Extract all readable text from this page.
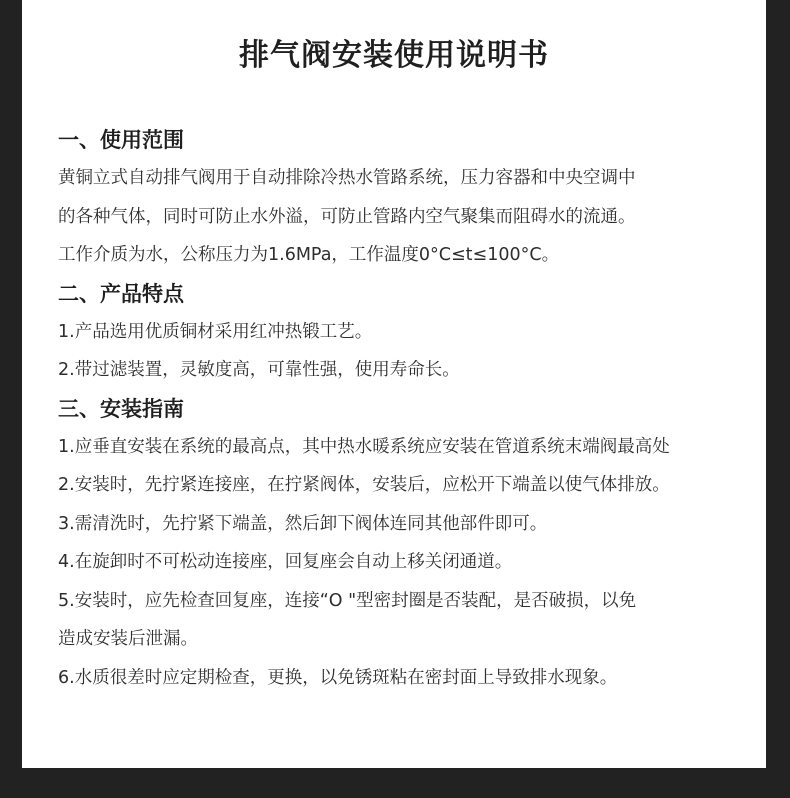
排气阀安装使用说明书
一、使用范围

黄铜立式自动排气阀用于自动排除冷热水管路系统，压力容器和中央空调中

的各种气体，同时可防止水外溢，可防止管路内空气聚集而阻碍水的流通。

工作介质为水，公称压力为1.6MPa，工作温度0°C≤t≤100°C。

二、产品特点

1.产品选用优质铜材采用红冲热锻工艺。

2.带过滤装置，灵敏度高，可靠性强，使用寿命长。

三、安装指南

1.应垂直安装在系统的最高点，其中热水暖系统应安装在管道系统末端阀最高处

2.安装时，先拧紧连接座，在拧紧阀体，安装后，应松开下端盖以使气体排放。

3.需清洗时，先拧紧下端盖，然后卸下阀体连同其他部件即可。

4.在旋卸时不可松动连接座，回复座会自动上移关闭通道。

5.安装时，应先检查回复座，连接“O "型密封圈是否装配，是否破损，以免

造成安装后泄漏。

6.水质很差时应定期检查，更换，以免锈斑粘在密封面上导致排水现象。
